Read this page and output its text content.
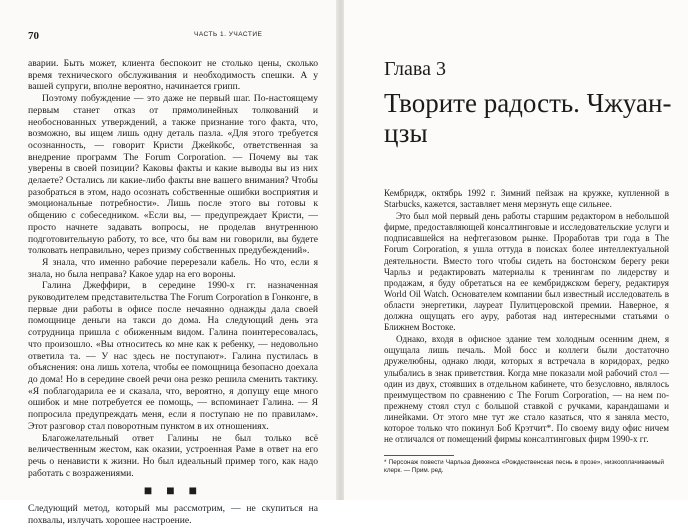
70	ЧАСТЬ 1. УЧАСТИЕ

аварии. Быть может, клиента беспокоит не столько цены, сколько время технического обслуживания и необходимость спешки. А у вашей супруги, вполне вероятно, начинается грипп.

Поэтому побуждение — это даже не первый шаг. По-настоящему первым станет отказ от прямолинейных толкований и необоснованных утверждений, а также признание того факта, что, возможно, вы ищем лишь одну деталь пазла. «Для этого требуется осознанность, — говорит Кристи Джейкобс, ответственная за внедрение программ The Forum Corporation. — Почему вы так уверены в своей позиции? Каковы факты и какие выводы вы из них делаете? Остались ли какие-либо факты вне вашего внимания? Чтобы разобраться в этом, надо осознать собственные ошибки восприятия и эмоциональные потребности». Лишь после этого вы готовы к общению с собеседником. «Если вы, — предупреждает Кристи, — просто начнете задавать вопросы, не проделав внутреннюю подготовительную работу, то все, что бы вам ни говорили, вы будете толковать неправильно, через призму собственных предубеждений».

Я знала, что именно рабочие перерезали кабель. Но что, если я знала, но была неправа? Какое удар на его вороны.

Галина Джеффири, в середине 1990-х гг. назначенная руководителем представительства The Forum Corporation в Гонконге, в первые дни работы в офисе после нечаянно однажды дала своей помощнице деньги на такси до дома. На следующий день эта сотрудница пришла с обиженным видом. Галина поинтересовалась, что произошло. «Вы относитесь ко мне как к ребенку, — недовольно ответила та. — У нас здесь не поступают». Галина пустилась в объяснения: она лишь хотела, чтобы ее помощница безопасно доехала до дома! Но в середине своей речи она резко решила сменить тактику. «Я поблагодарила ее и сказала, что, вероятно, я допущу еще много ошибок и мне потребуется ее помощь, — вспоминает Галина. — Я попросила предупреждать меня, если я поступаю не по правилам». Этот разговор стал поворотным пунктом в их отношениях.

Благожелательный ответ Галины не был только всё величественным жестом, как оказии, устроенная Раме в ответ на его речь о ненависти к жизни. Но был идеальный пример того, как надо работать с возражениями.

■ ■ ■

Следующий метод, который мы рассмотрим, — не скупиться на похвалы, излучать хорошее настроение.

Глава 3
Творите радость. Чжуан-цзы

Кембридж, октябрь 1992 г. Зимний пейзаж на кружке, купленной в Starbucks, кажется, заставляет меня мерзнуть еще сильнее.

Это был мой первый день работы старшим редактором в небольшой фирме, предоставляющей консалтинговые и исследовательские услуги и подписавшейся на нефтегазовом рынке. Проработав три года в The Forum Corporation, я ушла оттуда в поисках более интеллектуальной деятельности. Вместо того чтобы сидеть на бостонском берегу реки Чарльз и редактировать материалы к тренингам по лидерству и продажам, я буду обретаться на ее кембриджском берегу, редактируя World Oil Watch. Основателем компании был известный исследователь в области энергетики, лауреат Пулитцеровской премии. Наверное, я должна ощущать его ауру, работая над интересными статьями о Ближнем Востоке.

Однако, входя в офисное здание тем холодным осенним днем, я ощущала лишь печаль. Мой босс и коллеги были достаточно дружелюбны, однако люди, которых я встречала в коридорах, редко улыбались в знак приветствия. Когда мне показали мой рабочий стол — один из двух, стоявших в отдельном кабинете, что безусловно, являлось преимуществом по сравнению с The Forum Corporation, — на нем по-прежнему стоял стул с большой ставкой с ручками, карандашами и линейками. От этого мне тут же стало казаться, что я заняла место, которое только что покинул Боб Крэтчит*. По своему виду офис ничем не отличался от помещений фирмы консалтинговых фирм 1990-х гг.

* Персонаж повести Чарльза Диккенса «Рождественская песнь в прозе», низкооплачиваемый клерк. — Прим. ред.
